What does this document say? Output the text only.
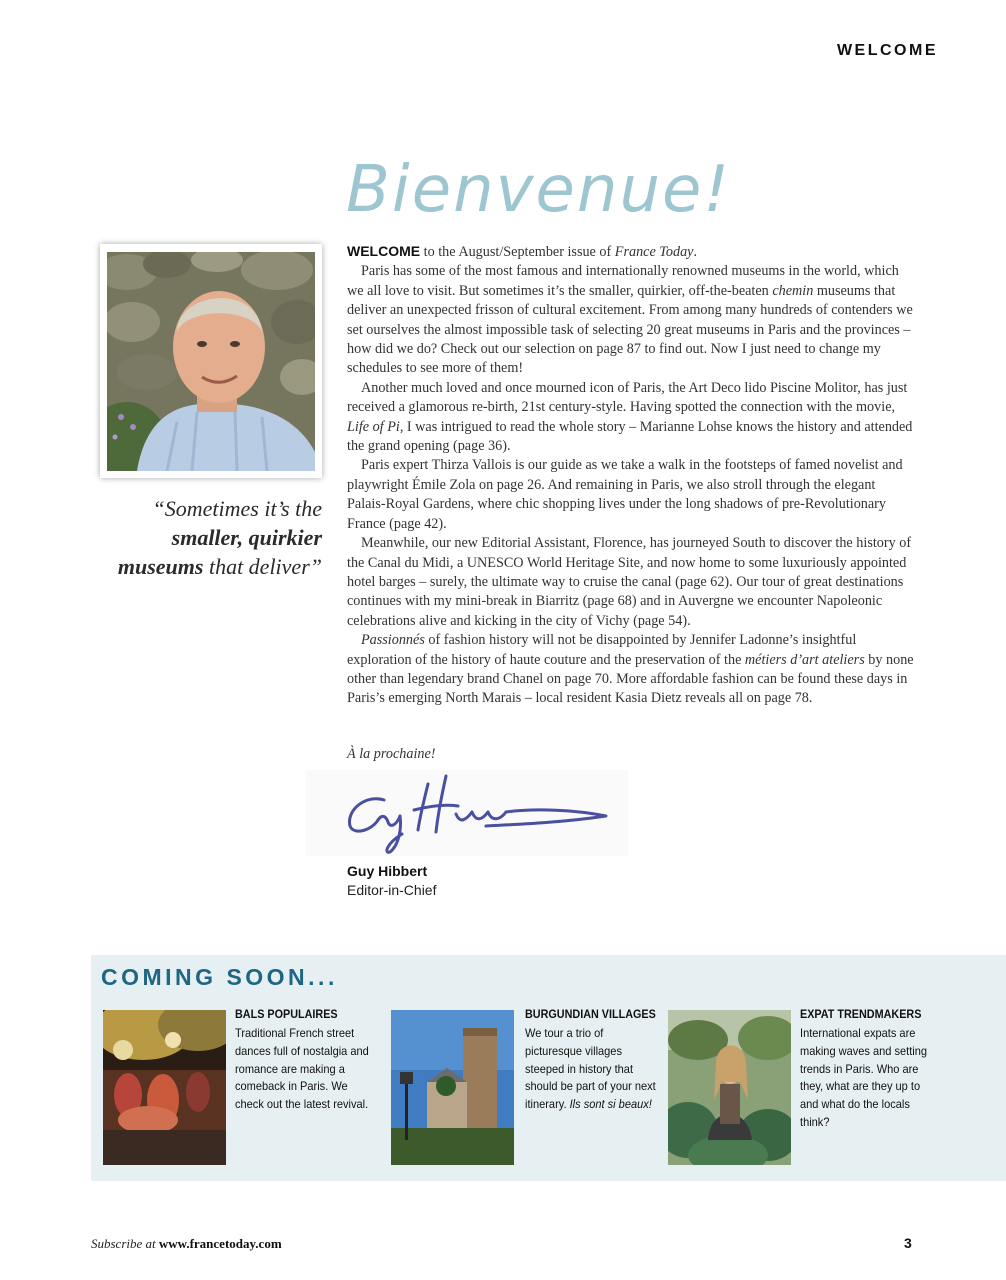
WELCOME
Bienvenue!
“Sometimes it’s the
smaller, quirkier
museums that deliver”

WELCOME to the August/September issue of France Today.

Paris has some of the most famous and internationally renowned museums in the world, which we all love to visit. But sometimes it’s the smaller, quirkier, off-the-beaten chemin museums that deliver an unexpected frisson of cultural excitement. From among many hundreds of contenders we set ourselves the almost impossible task of selecting 20 great museums in Paris and the provinces – how did we do? Check out our selection on page 87 to find out. Now I just need to change my schedules to see more of them!

Another much loved and once mourned icon of Paris, the Art Deco lido Piscine Molitor, has just received a glamorous re-birth, 21st century-style. Having spotted the connection with the movie, Life of Pi, I was intrigued to read the whole story – Marianne Lohse knows the history and attended the grand opening (page 36).

Paris expert Thirza Vallois is our guide as we take a walk in the footsteps of famed novelist and playwright Émile Zola on page 26. And remaining in Paris, we also stroll through the elegant Palais-Royal Gardens, where chic shopping lives under the long shadows of pre-Revolutionary France (page 42).

Meanwhile, our new Editorial Assistant, Florence, has journeyed South to discover the history of the Canal du Midi, a UNESCO World Heritage Site, and now home to some luxuriously appointed hotel barges – surely, the ultimate way to cruise the canal (page 62). Our tour of great destinations continues with my mini-break in Biarritz (page 68) and in Auvergne we encounter Napoleonic celebrations alive and kicking in the city of Vichy (page 54).

Passionnés of fashion history will not be disappointed by Jennifer Ladonne’s insightful exploration of the history of haute couture and the preservation of the métiers d’art ateliers by none other than legendary brand Chanel on page 70. More affordable fashion can be found these days in Paris’s emerging North Marais – local resident Kasia Dietz reveals all on page 78.

À la prochaine!
Guy Hibbert
Editor-in-Chief
COMING SOON...
BALS POPULAIRES

Traditional French street dances full of nostalgia and romance are making a comeback in Paris. We check out the latest revival.

BURGUNDIAN VILLAGES

We tour a trio of picturesque villages steeped in history that should be part of your next itinerary. Ils sont si beaux!

EXPAT TRENDMAKERS

International expats are making waves and setting trends in Paris. Who are they, what are they up to and what do the locals think?

Subscribe at www.francetoday.com	3
